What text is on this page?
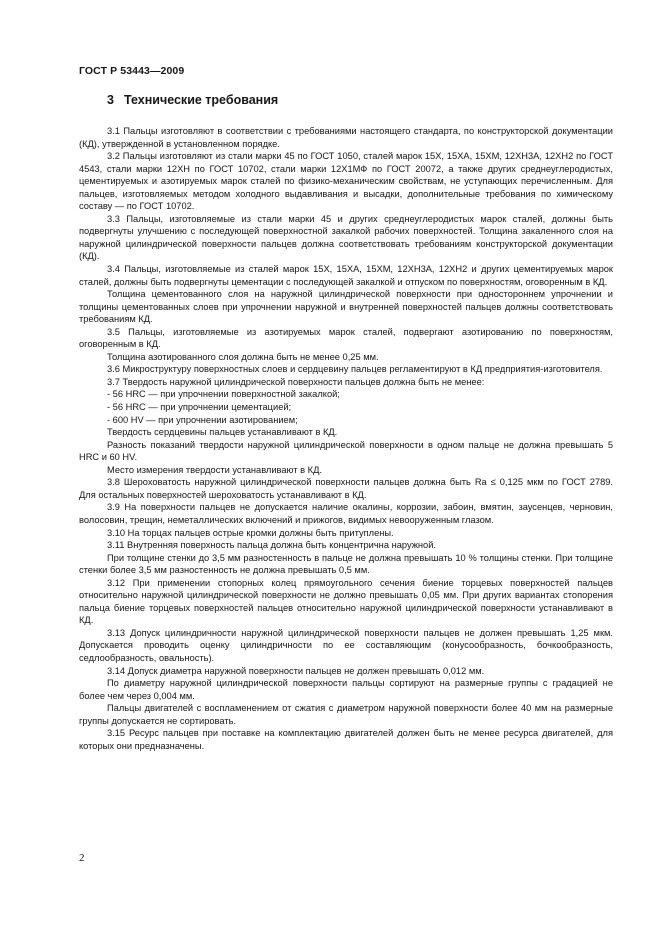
ГОСТ Р 53443—2009
3 Технические требования

3.1 Пальцы изготовляют в соответствии с требованиями настоящего стандарта, по конструкторской документации (КД), утвержденной в установленном порядке.

3.2 Пальцы изготовляют из стали марки 45 по ГОСТ 1050, сталей марок 15Х, 15ХА, 15ХМ, 12ХН3А, 12ХН2 по ГОСТ 4543, стали марки 12ХН по ГОСТ 10702, стали марки 12Х1МФ по ГОСТ 20072, а также других среднеуглеродистых, цементируемых и азотируемых марок сталей по физико-механическим свойствам, не уступающих перечисленным. Для пальцев, изготовляемых методом холодного выдавливания и высадки, дополнительные требования по химическому составу — по ГОСТ 10702.

3.3 Пальцы, изготовляемые из стали марки 45 и других среднеуглеродистых марок сталей, должны быть подвергнуты улучшению с последующей поверхностной закалкой рабочих поверхностей. Толщина закаленного слоя на наружной цилиндрической поверхности пальцев должна соответствовать требованиям конструкторской документации (КД).

3.4 Пальцы, изготовляемые из сталей марок 15Х, 15ХА, 15ХМ, 12ХН3А, 12ХН2 и других цементируемых марок сталей, должны быть подвергнуты цементации с последующей закалкой и отпуском по поверхностям, оговоренным в КД.

Толщина цементованного слоя на наружной цилиндрической поверхности при одностороннем упрочнении и толщины цементованных слоев при упрочнении наружной и внутренней поверхностей пальцев должны соответствовать требованиям КД.

3.5 Пальцы, изготовляемые из азотируемых марок сталей, подвергают азотированию по поверхностям, оговоренным в КД.

Толщина азотированного слоя должна быть не менее 0,25 мм.

3.6 Микроструктуру поверхностных слоев и сердцевину пальцев регламентируют в КД предприятия-изготовителя.

3.7 Твердость наружной цилиндрической поверхности пальцев должна быть не менее:

- 56 HRC — при упрочнении поверхностной закалкой;

- 56 HRC — при упрочнении цементацией;

- 600 HV — при упрочнении азотированием;

Твердость сердцевины пальцев устанавливают в КД.

Разность показаний твердости наружной цилиндрической поверхности в одном пальце не должна превышать 5 HRC и 60 HV.

Место измерения твердости устанавливают в КД.

3.8 Шероховатость наружной цилиндрической поверхности пальцев должна быть Ra ≤ 0,125 мкм по ГОСТ 2789. Для остальных поверхностей шероховатость устанавливают в КД.

3.9 На поверхности пальцев не допускается наличие окалины, коррозии, забоин, вмятин, заусенцев, черновин, волосовин, трещин, неметаллических включений и прижогов, видимых невооруженным глазом.

3.10 На торцах пальцев острые кромки должны быть притуплены.

3.11 Внутренняя поверхность пальца должна быть концентрична наружной.

При толщине стенки до 3,5 мм разностенность в пальце не должна превышать 10 % толщины стенки. При толщине стенки более 3,5 мм разностенность не должна превышать 0,5 мм.

3.12 При применении стопорных колец прямоугольного сечения биение торцевых поверхностей пальцев относительно наружной цилиндрической поверхности не должно превышать 0,05 мм. При других вариантах стопорения пальца биение торцевых поверхностей пальцев относительно наружной цилиндрической поверхности устанавливают в КД.

3.13 Допуск цилиндричности наружной цилиндрической поверхности пальцев не должен превышать 1,25 мкм. Допускается проводить оценку цилиндричности по ее составляющим (конусообразность, бочкообразность, седлообразность, овальность).

3.14 Допуск диаметра наружной поверхности пальцев не должен превышать 0,012 мм.

По диаметру наружной цилиндрической поверхности пальцы сортируют на размерные группы с градацией не более чем через 0,004 мм.

Пальцы двигателей с воспламенением от сжатия с диаметром наружной поверхности более 40 мм на размерные группы допускается не сортировать.

3.15 Ресурс пальцев при поставке на комплектацию двигателей должен быть не менее ресурса двигателей, для которых они предназначены.

2
